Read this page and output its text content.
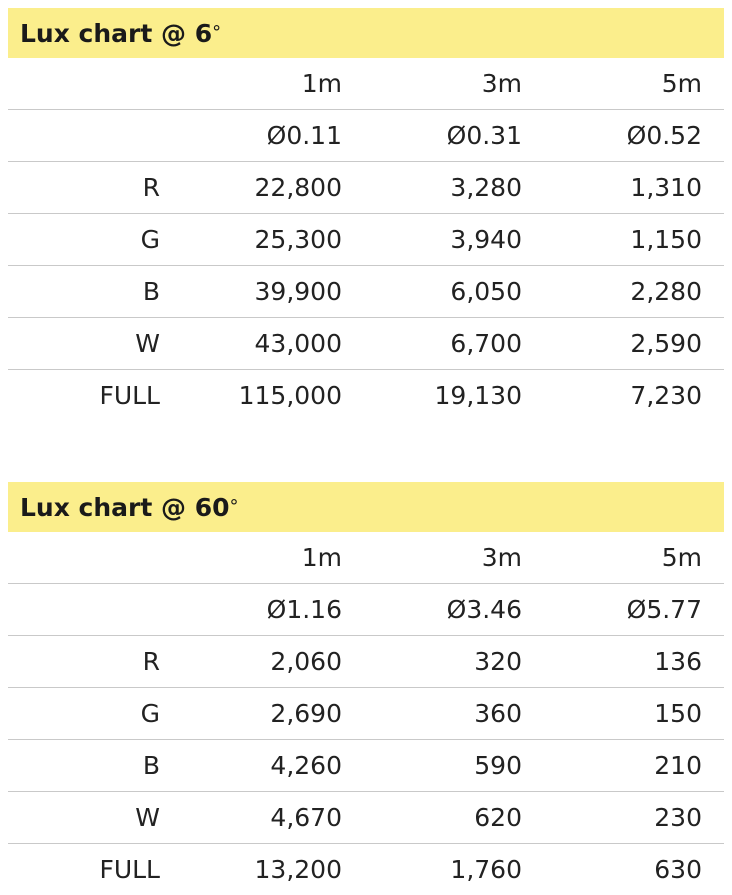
Lux chart @ 6 °
	1m	3m	5m	
	Ø0.11	Ø0.31	Ø0.52	
R	22,800	3,280	1,310	
G	25,300	3,940	1,150	
B	39,900	6,050	2,280	
W	43,000	6,700	2,590	
FULL	115,000	19,130	7,230	
Lux chart @ 60 °
	1m	3m	5m	
	Ø1.16	Ø3.46	Ø5.77	
R	2,060	320	136	
G	2,690	360	150	
B	4,260	590	210	
W	4,670	620	230	
FULL	13,200	1,760	630	
